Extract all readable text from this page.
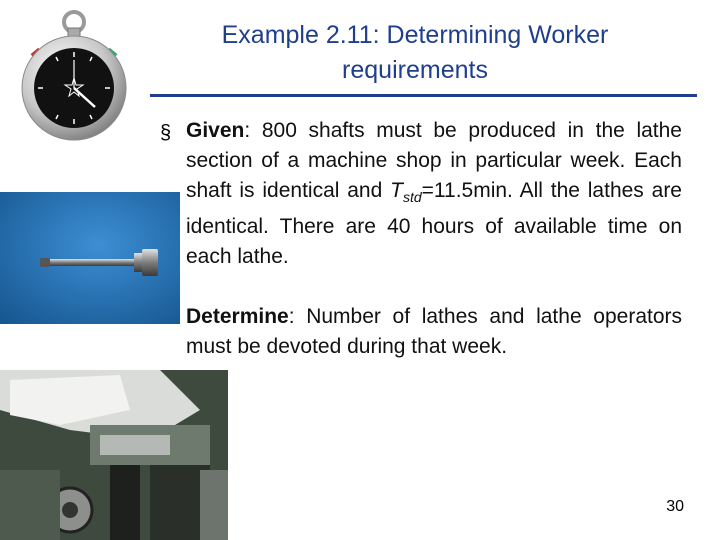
Example 2.11: Determining Worker
requirements
§ Given: 800 shafts must be produced in the lathe section of a machine shop in particular week. Each shaft is identical and $T_{std}=11.5\min$. All the lathes are identical. There are 40 hours of available time on each lathe.
Determine: Number of lathes and lathe operators must be devoted during that week.
30
